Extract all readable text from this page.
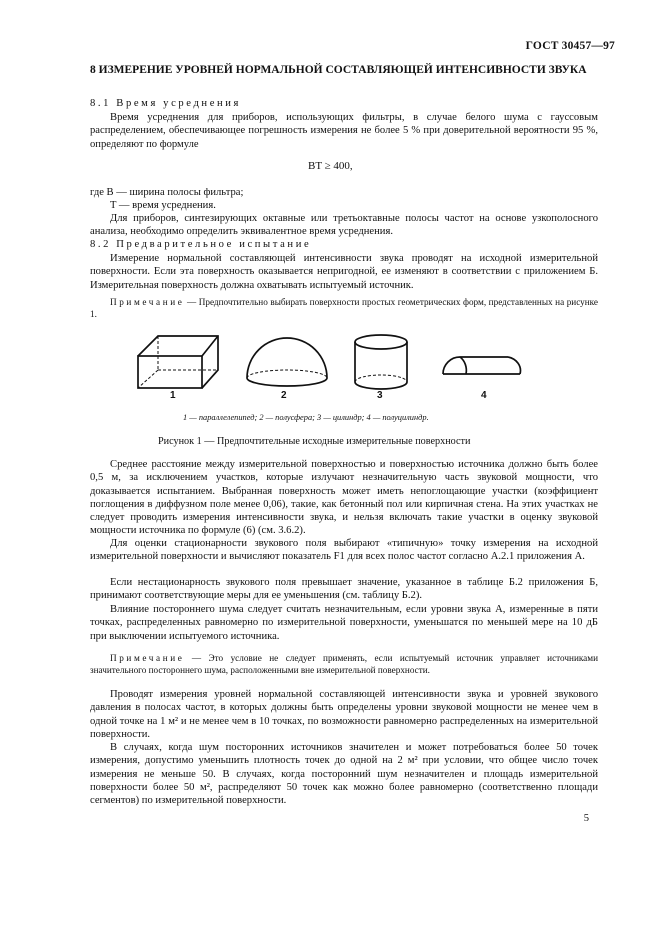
ГОСТ 30457—97
8 ИЗМЕРЕНИЕ УРОВНЕЙ НОРМАЛЬНОЙ СОСТАВЛЯЮЩЕЙ ИНТЕНСИВНОСТИ ЗВУКА
8.1 Время усреднения
Время усреднения для приборов, использующих фильтры, в случае белого шума с гауссовым распределением, обеспечивающее погрешность измерения не более 5 % при доверительной вероятности 95 %, определяют по формуле
BT ≥ 400,
где B — ширина полосы фильтра;
T — время усреднения.
Для приборов, синтезирующих октавные или третьоктавные полосы частот на основе узкополосного анализа, необходимо определить эквивалентное время усреднения.
8.2 Предварительное испытание
Измерение нормальной составляющей интенсивности звука проводят на исходной измерительной поверхности. Если эта поверхность оказывается непригодной, ее изменяют в соответствии с приложением Б. Измерительная поверхность должна охватывать испытуемый источник.
Примечание — Предпочтительно выбирать поверхности простых геометрических форм, представленных на рисунке 1.
1	2	3	4
1 — параллелепипед; 2 — полусфера; 3 — цилиндр; 4 — полуцилиндр.
Рисунок 1 — Предпочтительные исходные измерительные поверхности
Среднее расстояние между измерительной поверхностью и поверхностью источника должно быть более 0,5 м, за исключением участков, которые излучают незначительную часть звуковой мощности, что доказывается испытанием. Выбранная поверхность может иметь непоглощающие участки (коэффициент поглощения в диффузном поле менее 0,06), такие, как бетонный пол или кирпичная стена. На этих участках не следует проводить измерения интенсивности звука, и нельзя включать такие участки в оценку звуковой мощности источника по формуле (6) (см. 3.6.2).
Для оценки стационарности звукового поля выбирают «типичную» точку измерения на исходной измерительной поверхности и вычисляют показатель F1 для всех полос частот согласно А.2.1 приложения А.
Если нестационарность звукового поля превышает значение, указанное в таблице Б.2 приложения Б, принимают соответствующие меры для ее уменьшения (см. таблицу Б.2).
Влияние постороннего шума следует считать незначительным, если уровни звука А, измеренные в пяти точках, распределенных равномерно по измерительной поверхности, уменьшатся по меньшей мере на 10 дБ при выключении испытуемого источника.
Примечание — Это условие не следует применять, если испытуемый источник управляет источниками значительного постороннего шума, расположенными вне измерительной поверхности.
Проводят измерения уровней нормальной составляющей интенсивности звука и уровней звукового давления в полосах частот, в которых должны быть определены уровни звуковой мощности не менее чем в одной точке на 1 м² и не менее чем в 10 точках, по возможности равномерно распределенных на измерительной поверхности.
В случаях, когда шум посторонних источников значителен и может потребоваться более 50 точек измерения, допустимо уменьшить плотность точек до одной на 2 м² при условии, что общее число точек измерения не меньше 50. В случаях, когда посторонний шум незначителен и площадь измерительной поверхности более 50 м², распределяют 50 точек как можно более равномерно (соответственно площади сегментов) по измерительной поверхности.
5
